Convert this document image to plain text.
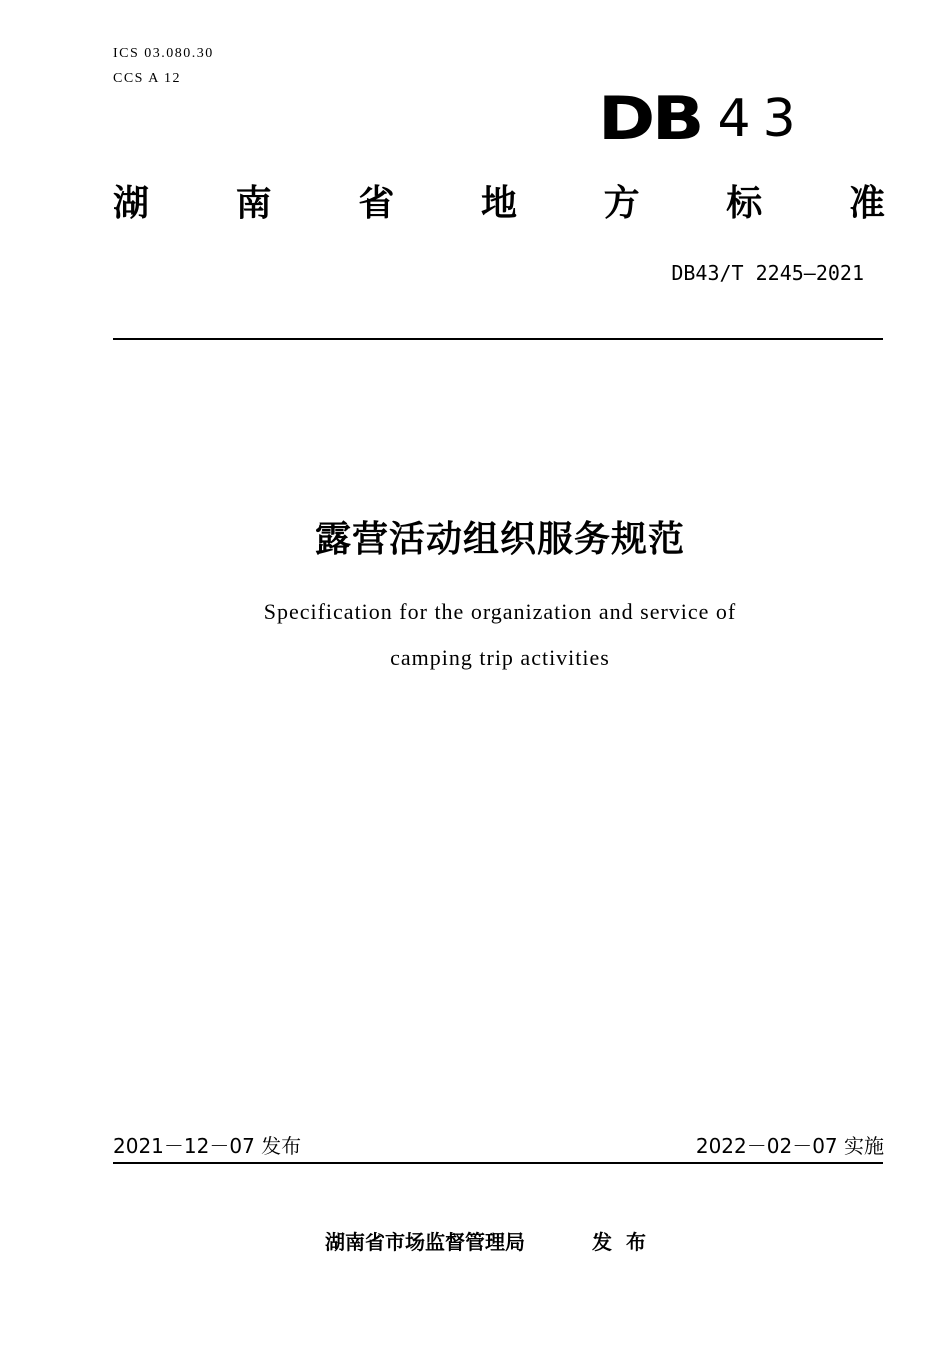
ICS 03.080.30
CCS A 12
DB 43
湖 南 省 地 方 标 准
DB43/T 2245—2021
露营活动组织服务规范
Specification for the organization and service of
camping trip activities
2021－12－07 发布	2022－02－07 实施
湖南省市场监督管理局	发布
